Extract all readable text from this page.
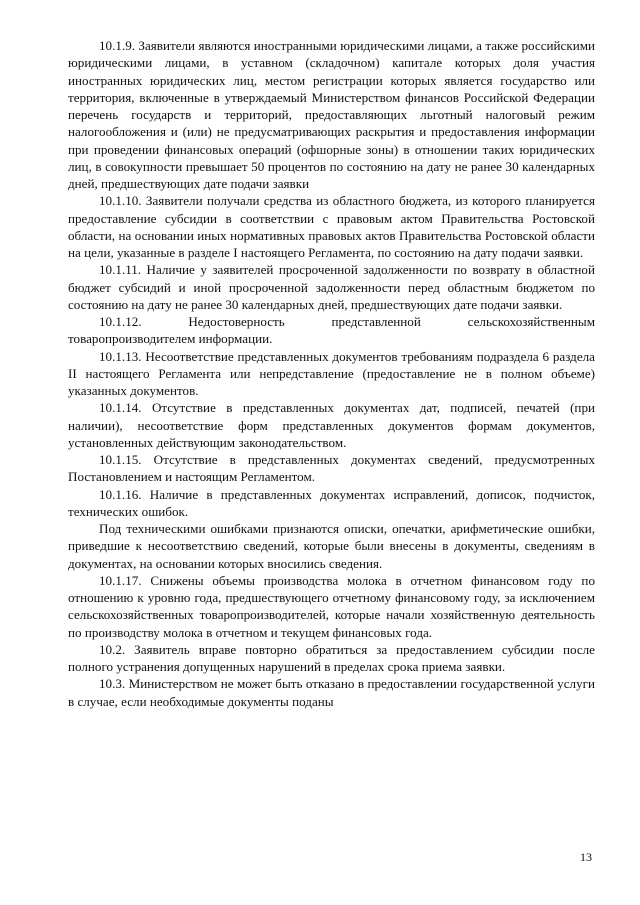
10.1.9. Заявители являются иностранными юридическими лицами, а также российскими юридическими лицами, в уставном (складочном) капитале которых доля участия иностранных юридических лиц, местом регистрации которых является государство или территория, включенные в утверждаемый Министерством финансов Российской Федерации перечень государств и территорий, предоставляющих льготный налоговый режим налогообложения и (или) не предусматривающих раскрытия и предоставления информации при проведении финансовых операций (офшорные зоны) в отношении таких юридических лиц, в совокупности превышает 50 процентов по состоянию на дату не ранее 30 календарных дней, предшествующих дате подачи заявки

10.1.10. Заявители получали средства из областного бюджета, из которого планируется предоставление субсидии в соответствии с правовым актом Правительства Ростовской области, на основании иных нормативных правовых актов Правительства Ростовской области на цели, указанные в разделе I настоящего Регламента, по состоянию на дату подачи заявки.

10.1.11. Наличие у заявителей просроченной задолженности по возврату в областной бюджет субсидий и иной просроченной задолженности перед областным бюджетом по состоянию на дату не ранее 30 календарных дней, предшествующих дате подачи заявки.

10.1.12. Недостоверность представленной сельскохозяйственным товаропроизводителем информации.

10.1.13. Несоответствие представленных документов требованиям подраздела 6 раздела II настоящего Регламента или непредставление (предоставление не в полном объеме) указанных документов.

10.1.14. Отсутствие в представленных документах дат, подписей, печатей (при наличии), несоответствие форм представленных документов формам документов, установленных действующим законодательством.

10.1.15. Отсутствие в представленных документах сведений, предусмотренных Постановлением и настоящим Регламентом.

10.1.16. Наличие в представленных документах исправлений, дописок, подчисток, технических ошибок.

Под техническими ошибками признаются описки, опечатки, арифметические ошибки, приведшие к несоответствию сведений, которые были внесены в документы, сведениям в документах, на основании которых вносились сведения.

10.1.17. Снижены объемы производства молока в отчетном финансовом году по отношению к уровню года, предшествующего отчетному финансовому году, за исключением сельскохозяйственных товаропроизводителей, которые начали хозяйственную деятельность по производству молока в отчетном и текущем финансовых года.

10.2. Заявитель вправе повторно обратиться за предоставлением субсидии после полного устранения допущенных нарушений в пределах срока приема заявки.

10.3. Министерством не может быть отказано в предоставлении государственной услуги в случае, если необходимые документы поданы

13
